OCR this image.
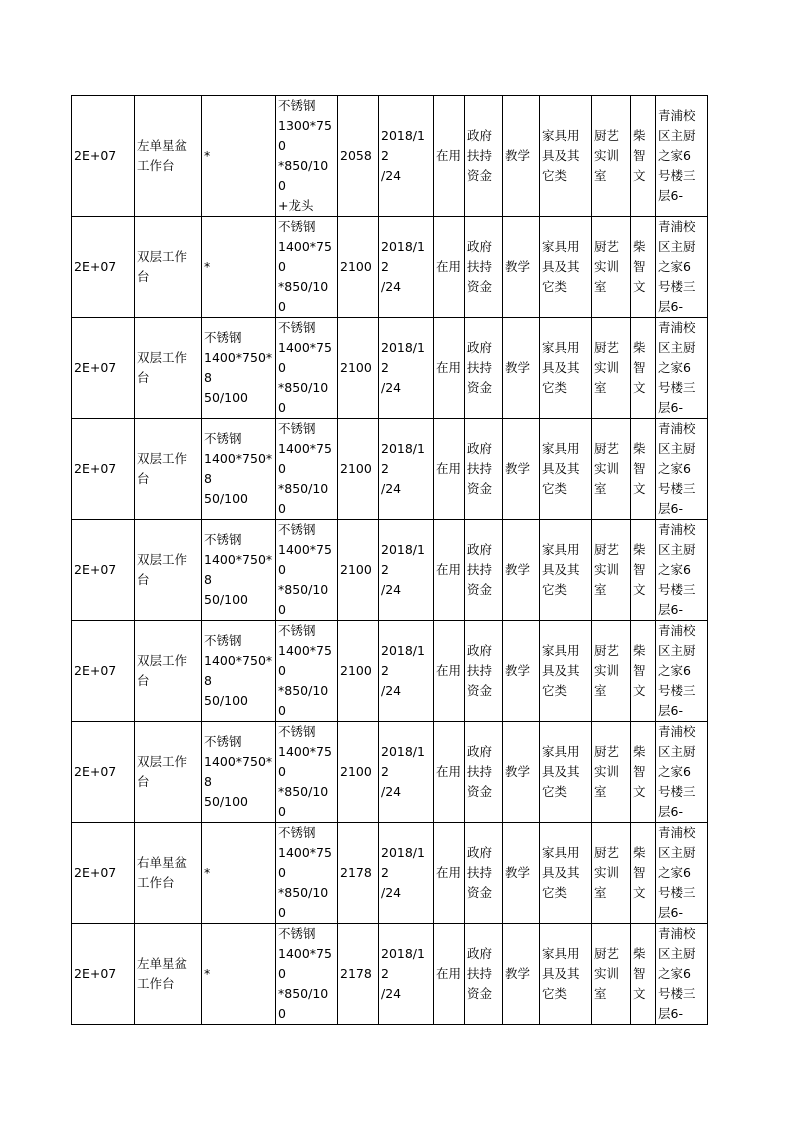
2E+07	左单星盆
工作台	*	不锈钢
1300*750
*850/100
+龙头	2058	2018/12
/24	在用	政府
扶持
资金	教学	家具用
具及其
它类	厨艺
实训
室	柴
智
文	青浦校
区主厨
之家6
号楼三
层6-
2E+07	双层工作
台	*	不锈钢
1400*750
*850/100	2100	2018/12
/24	在用	政府
扶持
资金	教学	家具用
具及其
它类	厨艺
实训
室	柴
智
文	青浦校
区主厨
之家6
号楼三
层6-
2E+07	双层工作
台	不锈钢
1400*750*8
50/100	不锈钢
1400*750
*850/100	2100	2018/12
/24	在用	政府
扶持
资金	教学	家具用
具及其
它类	厨艺
实训
室	柴
智
文	青浦校
区主厨
之家6
号楼三
层6-
2E+07	双层工作
台	不锈钢
1400*750*8
50/100	不锈钢
1400*750
*850/100	2100	2018/12
/24	在用	政府
扶持
资金	教学	家具用
具及其
它类	厨艺
实训
室	柴
智
文	青浦校
区主厨
之家6
号楼三
层6-
2E+07	双层工作
台	不锈钢
1400*750*8
50/100	不锈钢
1400*750
*850/100	2100	2018/12
/24	在用	政府
扶持
资金	教学	家具用
具及其
它类	厨艺
实训
室	柴
智
文	青浦校
区主厨
之家6
号楼三
层6-
2E+07	双层工作
台	不锈钢
1400*750*8
50/100	不锈钢
1400*750
*850/100	2100	2018/12
/24	在用	政府
扶持
资金	教学	家具用
具及其
它类	厨艺
实训
室	柴
智
文	青浦校
区主厨
之家6
号楼三
层6-
2E+07	双层工作
台	不锈钢
1400*750*8
50/100	不锈钢
1400*750
*850/100	2100	2018/12
/24	在用	政府
扶持
资金	教学	家具用
具及其
它类	厨艺
实训
室	柴
智
文	青浦校
区主厨
之家6
号楼三
层6-
2E+07	右单星盆
工作台	*	不锈钢
1400*750
*850/100	2178	2018/12
/24	在用	政府
扶持
资金	教学	家具用
具及其
它类	厨艺
实训
室	柴
智
文	青浦校
区主厨
之家6
号楼三
层6-
2E+07	左单星盆
工作台	*	不锈钢
1400*750
*850/100	2178	2018/12
/24	在用	政府
扶持
资金	教学	家具用
具及其
它类	厨艺
实训
室	柴
智
文	青浦校
区主厨
之家6
号楼三
层6-
